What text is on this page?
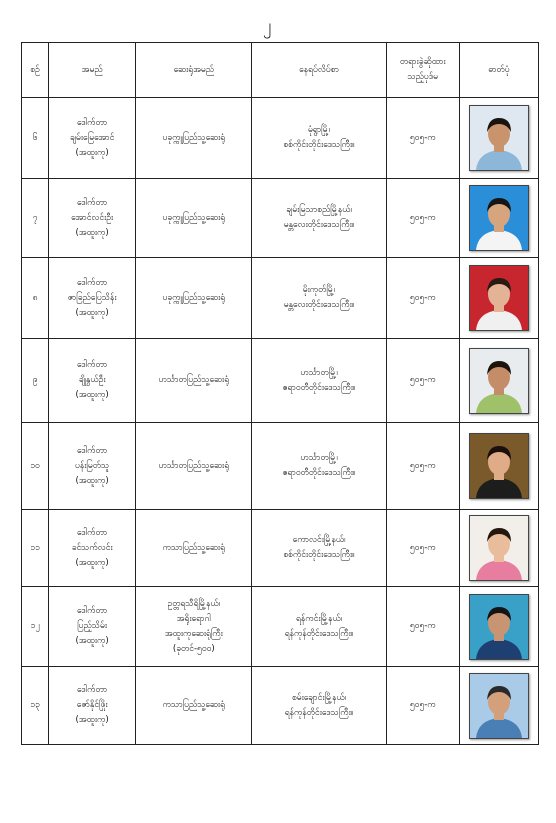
၂
စဉ်	အမည်	ဆေးရုံအမည်	နေရပ်လိပ်စာ	တရားခွဲဆိုထား
သည့်ပုဒ်မ	ဓာတ်ပုံ
၆	ဒေါက်တာ
ချမ်းမြေအောင်
(အထူးကု)	ပခုက္ကူပြည်သူ့ဆေးရုံ	မုံရွာမြို့၊
စစ်ကိုင်းတိုင်းဒေသကြီး။	၅၀၅-က	

၇	ဒေါက်တာ
အောင်လင်းဦး
(အထူးကု)	ပခုက္ကူပြည်သူ့ဆေးရုံ	ချမ်းမြသာစည်မြို့နယ်၊
မန္တလေးတိုင်းဒေသကြီး။	၅၀၅-က	

၈	ဒေါက်တာ
ဇာခြည်ပြေသိန်း
(အထူးကု)	ပခုက္ကူပြည်သူ့ဆေးရုံ	မိုးကုတ်မြို့၊
မန္တလေးတိုင်းဒေသကြီး။	၅၀၅-က	

၉	ဒေါက်တာ
ချိုနွယ်ဦး
(အထူးကု)	ဟင်္သာတပြည်သူ့ဆေးရုံ	ဟင်္သာတမြို့၊
ဧရာဝတီတိုင်းဒေသကြီး။	၅၀၅-က	

၁၀	ဒေါက်တာ
ပန်းမြတ်သူ
(အထူးကု)	ဟင်္သာတပြည်သူ့ဆေးရုံ	ဟင်္သာတမြို့၊
ဧရာဝတီတိုင်းဒေသကြီး။	၅၀၅-က	

၁၁	ဒေါက်တာ
ခင်သက်လင်း
(အထူးကု)	ကသာပြည်သူ့ဆေးရုံ	ကောလင်းမြို့နယ်၊
စစ်ကိုင်းတိုင်းဒေသကြီး။	၅၀၅-က	

၁၂	ဒေါက်တာ
ပြည့်သိမ်း
(အထူးကု)	ဥတ္တရသီရိမြို့နယ်၊
အရိုးရောဂါ
အထူးကုဆေးရုံကြီး
(ခုတင်-၅၀၀)	ရန်ကင်းမြို့နယ်၊
ရန်ကုန်တိုင်းဒေသကြီး။	၅၀၅-က	

၁၃	ဒေါက်တာ
ဇော်နိုင်ဖြိုး
(အထူးကု)	ကသာပြည်သူ့ဆေးရုံ	စမ်းချောင်းမြို့နယ်၊
ရန်ကုန်တိုင်းဒေသကြီး။	၅၀၅-က	
